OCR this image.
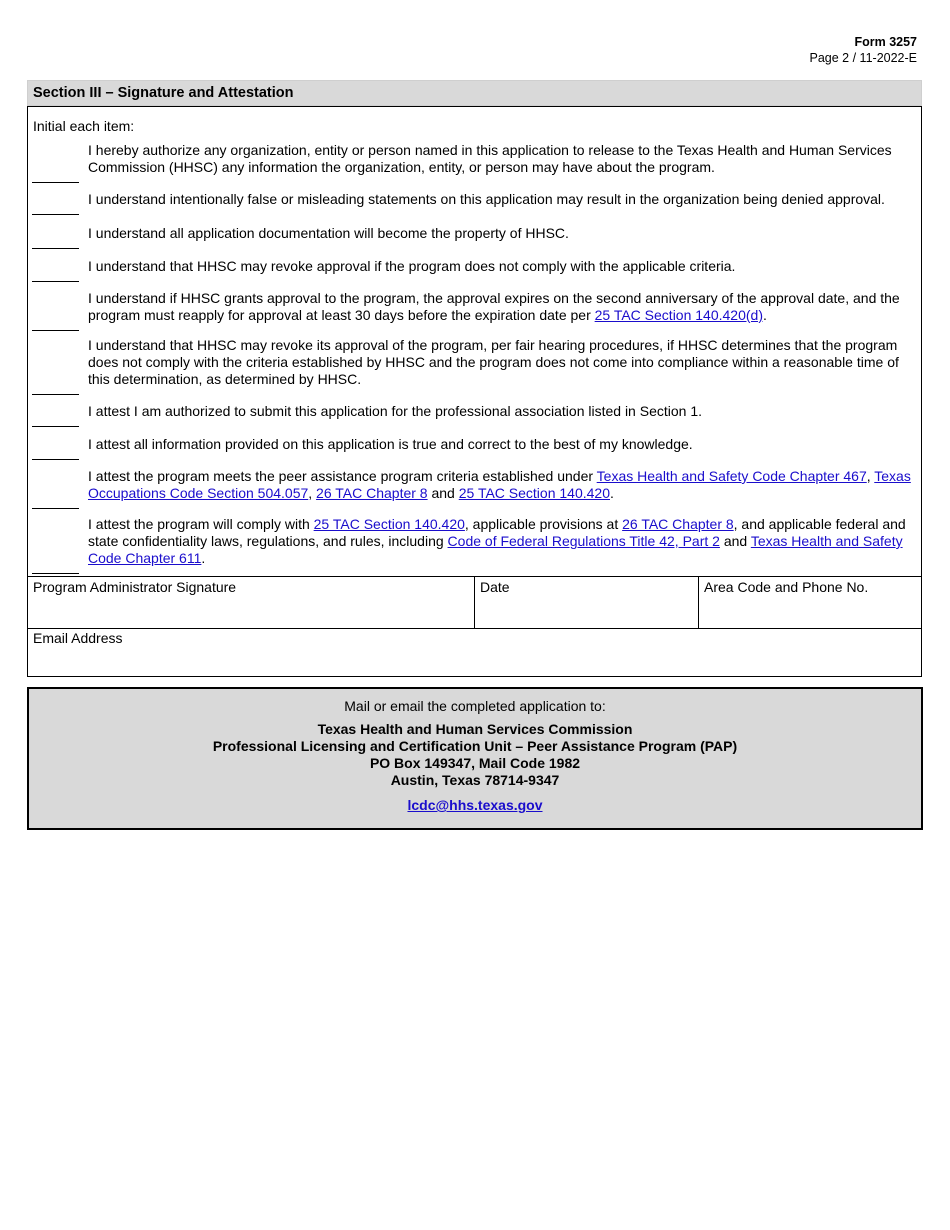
Form 3257
Page 2 / 11-2022-E
Section III – Signature and Attestation
Initial each item:
I hereby authorize any organization, entity or person named in this application to release to the Texas Health and Human Services Commission (HHSC) any information the organization, entity, or person may have about the program.
I understand intentionally false or misleading statements on this application may result in the organization being denied approval.
I understand all application documentation will become the property of HHSC.
I understand that HHSC may revoke approval if the program does not comply with the applicable criteria.
I understand if HHSC grants approval to the program, the approval expires on the second anniversary of the approval date, and the program must reapply for approval at least 30 days before the expiration date per 25 TAC Section 140.420(d).
I understand that HHSC may revoke its approval of the program, per fair hearing procedures, if HHSC determines that the program does not comply with the criteria established by HHSC and the program does not come into compliance within a reasonable time of this determination, as determined by HHSC.
I attest I am authorized to submit this application for the professional association listed in Section 1.
I attest all information provided on this application is true and correct to the best of my knowledge.
I attest the program meets the peer assistance program criteria established under Texas Health and Safety Code Chapter 467, Texas Occupations Code Section 504.057, 26 TAC Chapter 8 and 25 TAC Section 140.420.
I attest the program will comply with 25 TAC Section 140.420, applicable provisions at 26 TAC Chapter 8, and applicable federal and state confidentiality laws, regulations, and rules, including Code of Federal Regulations Title 42, Part 2 and Texas Health and Safety Code Chapter 611.
Program Administrator Signature	Date	Area Code and Phone No.
Email Address
Mail or email the completed application to:
Texas Health and Human Services Commission
Professional Licensing and Certification Unit – Peer Assistance Program (PAP)
PO Box 149347, Mail Code 1982
Austin, Texas 78714-9347
lcdc@hhs.texas.gov
